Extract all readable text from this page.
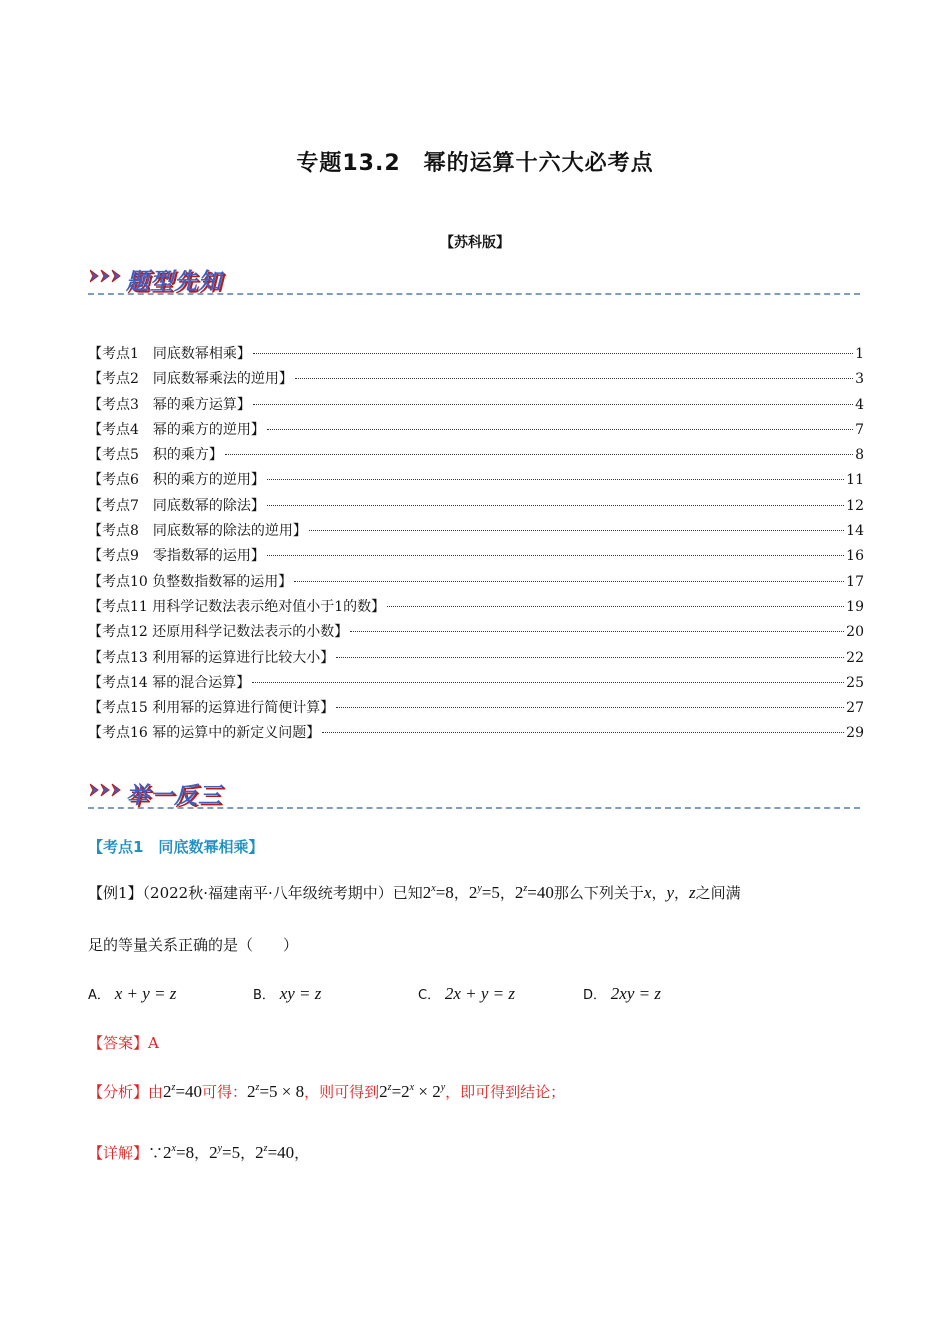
专题13.2　幂的运算十六大必考点
【苏科版】
题型先知
【考点1　同底数幂相乘】	1
【考点2　同底数幂乘法的逆用】	3
【考点3　幂的乘方运算】	4
【考点4　幂的乘方的逆用】	7
【考点5　积的乘方】	8
【考点6　积的乘方的逆用】	11
【考点7　同底数幂的除法】	12
【考点8　同底数幂的除法的逆用】	14
【考点9　零指数幂的运用】	16
【考点10 负整数指数幂的运用】	17
【考点11 用科学记数法表示绝对值小于1的数】	19
【考点12 还原用科学记数法表示的小数】	20
【考点13 利用幂的运算进行比较大小】	22
【考点14 幂的混合运算】	25
【考点15 利用幂的运算进行简便计算】	27
【考点16 幂的运算中的新定义问题】	29
举一反三
【考点1　同底数幂相乘】
【例1】（2022秋·福建南平·八年级统考期中）已知$2^x=8$，$2^y=5$，$2^z=40$那么下列关于x，y，z之间满
足的等量关系正确的是（　　）
A． x + y = z	B． xy = z	C． 2x + y = z	D． 2xy = z
【答案】A
【分析】由$2^z=40$可得：$2^z=5 \times 8$，则可得到$2^z=2^x \times 2^y$，即可得到结论；
【详解】$\because 2^x=8$，$2^y=5$，$2^z=40$，
